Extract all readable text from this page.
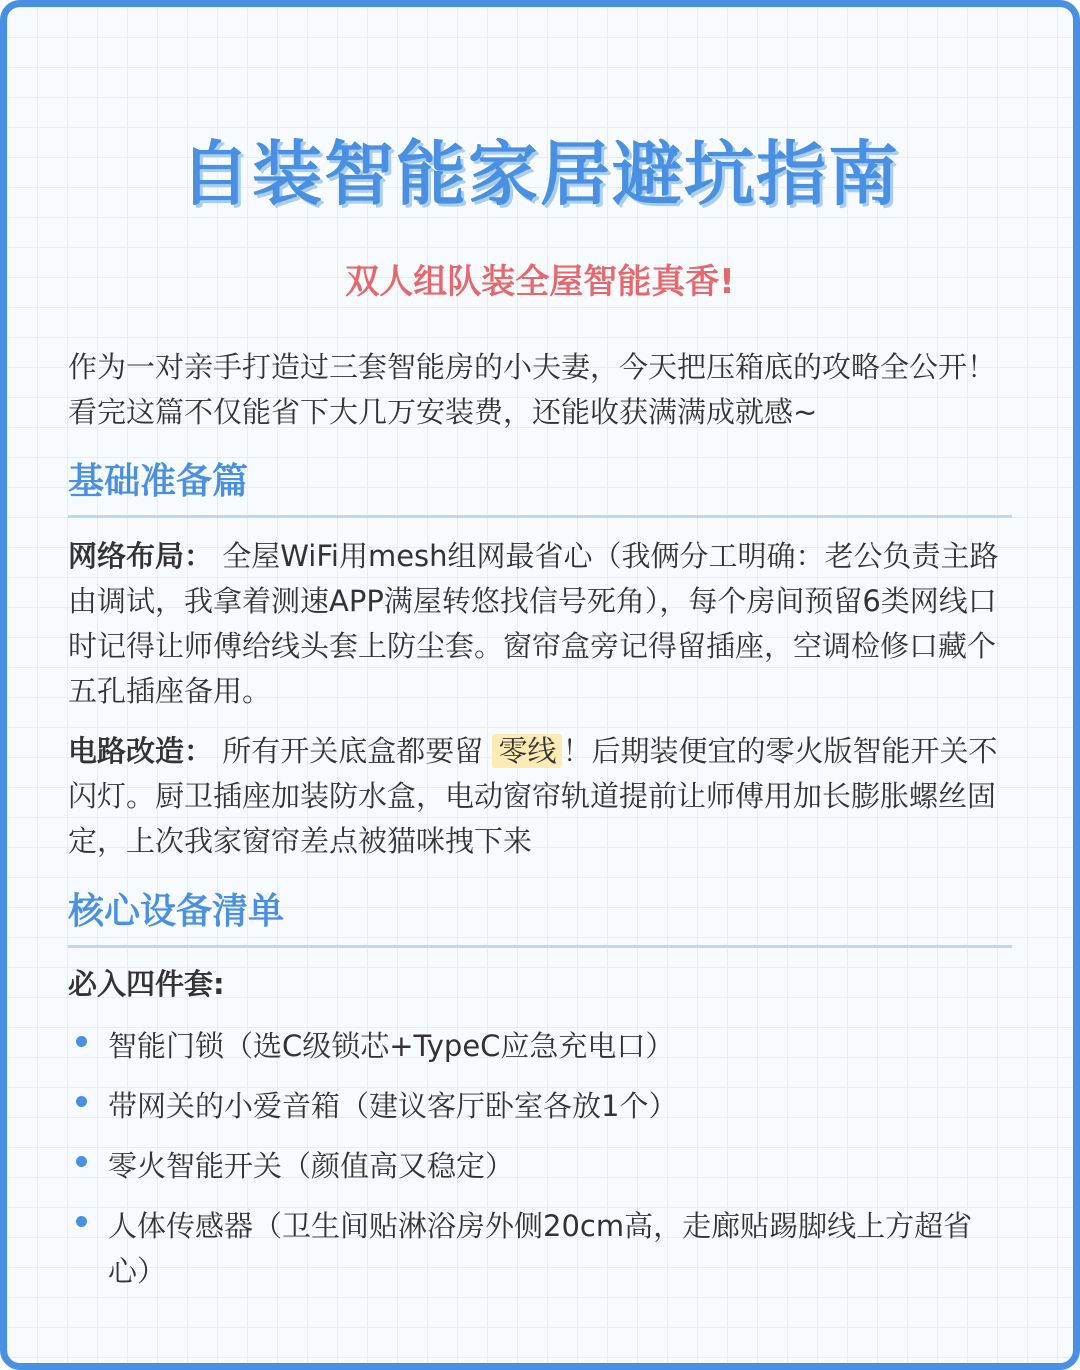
自装智能家居避坑指南

双人组队装全屋智能真香!

作为一对亲手打造过三套智能房的小夫妻，今天把压箱底的攻略全公开！看完这篇不仅能省下大几万安装费，还能收获满满成就感~

基础准备篇

网络布局： 全屋WiFi用mesh组网最省心（我俩分工明确：老公负责主路由调试，我拿着测速APP满屋转悠找信号死角），每个房间预留6类网线口时记得让师傅给线头套上防尘套。窗帘盒旁记得留插座，空调检修口藏个五孔插座备用。

电路改造： 所有开关底盒都要留 零线 ！后期装便宜的零火版智能开关不闪灯。厨卫插座加装防水盒，电动窗帘轨道提前让师傅用加长膨胀螺丝固定，上次我家窗帘差点被猫咪拽下来

核心设备清单

必入四件套:

智能门锁（选C级锁芯+TypeC应急充电口）
带网关的小爱音箱（建议客厅卧室各放1个）
零火智能开关（颜值高又稳定）
人体传感器（卫生间贴淋浴房外侧20cm高，走廊贴踢脚线上方超省心）
